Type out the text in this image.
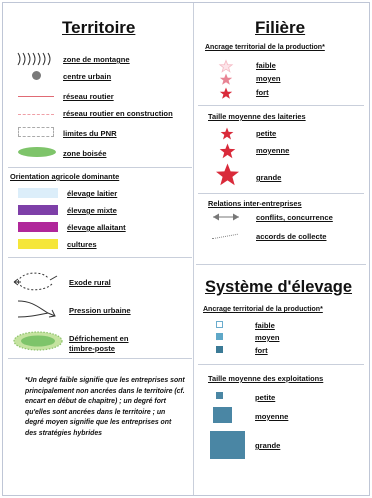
Territoire
zone de montagne
centre urbain
réseau routier
réseau routier en construction
limites du PNR
zone boisée
Orientation agricole dominante
élevage laitier
élevage mixte
élevage allaitant
cultures
Exode rural
Pression urbaine
Défrichement en
timbre-poste
*Un degré faible signifie que les entreprises sont principalement non ancrées dans le territoire (cf. encart en début de chapitre) ; un degré fort qu'elles sont ancrées dans le territoire ; un degré moyen signifie que les entreprises ont des stratégies hybrides
Filière
Ancrage territorial de la production*
faible
moyen
fort
Taille moyenne des laiteries
petite
moyenne
grande
Relations inter-entreprises
conflits, concurrence
accords de collecte
Système d'élevage
Ancrage territorial de la production*
faible
moyen
fort
Taille moyenne des exploitations
petite
moyenne
grande
